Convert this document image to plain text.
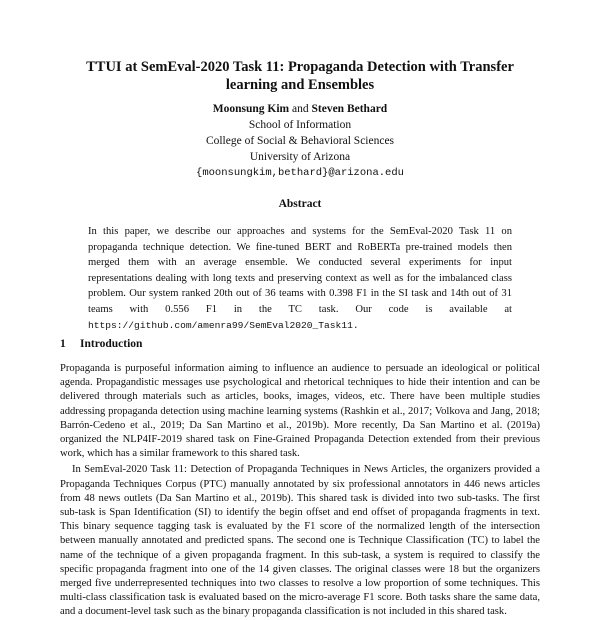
TTUI at SemEval-2020 Task 11: Propaganda Detection with Transfer learning and Ensembles
Moonsung Kim and Steven Bethard
School of Information
College of Social & Behavioral Sciences
University of Arizona
{moonsungkim,bethard}@arizona.edu
Abstract

In this paper, we describe our approaches and systems for the SemEval-2020 Task 11 on propaganda technique detection. We fine-tuned BERT and RoBERTa pre-trained models then merged them with an average ensemble. We conducted several experiments for input representations dealing with long texts and preserving context as well as for the imbalanced class problem. Our system ranked 20th out of 36 teams with 0.398 F1 in the SI task and 14th out of 31 teams with 0.556 F1 in the TC task. Our code is available at https://github.com/amenra99/SemEval2020_Task11.

1 Introduction

Propaganda is purposeful information aiming to influence an audience to persuade an ideological or political agenda. Propagandistic messages use psychological and rhetorical techniques to hide their intention and can be delivered through materials such as articles, books, images, videos, etc. There have been multiple studies addressing propaganda detection using machine learning systems (Rashkin et al., 2017; Volkova and Jang, 2018; Barrón-Cedeno et al., 2019; Da San Martino et al., 2019b). More recently, Da San Martino et al. (2019a) organized the NLP4IF-2019 shared task on Fine-Grained Propaganda Detection extended from their previous work, which has a similar framework to this shared task.

In SemEval-2020 Task 11: Detection of Propaganda Techniques in News Articles, the organizers provided a Propaganda Techniques Corpus (PTC) manually annotated by six professional annotators in 446 news articles from 48 news outlets (Da San Martino et al., 2019b). This shared task is divided into two sub-tasks. The first sub-task is Span Identification (SI) to identify the begin offset and end offset of propaganda fragments in text. This binary sequence tagging task is evaluated by the F1 score of the normalized length of the intersection between manually annotated and predicted spans. The second one is Technique Classification (TC) to label the name of the technique of a given propaganda fragment. In this sub-task, a system is required to classify the specific propaganda fragment into one of the 14 given classes. The original classes were 18 but the organizers merged five underrepresented techniques into two classes to resolve a low proportion of some techniques. This multi-class classification task is evaluated based on the micro-average F1 score. Both tasks share the same data, and a document-level task such as the binary propaganda classification is not included in this shared task.
